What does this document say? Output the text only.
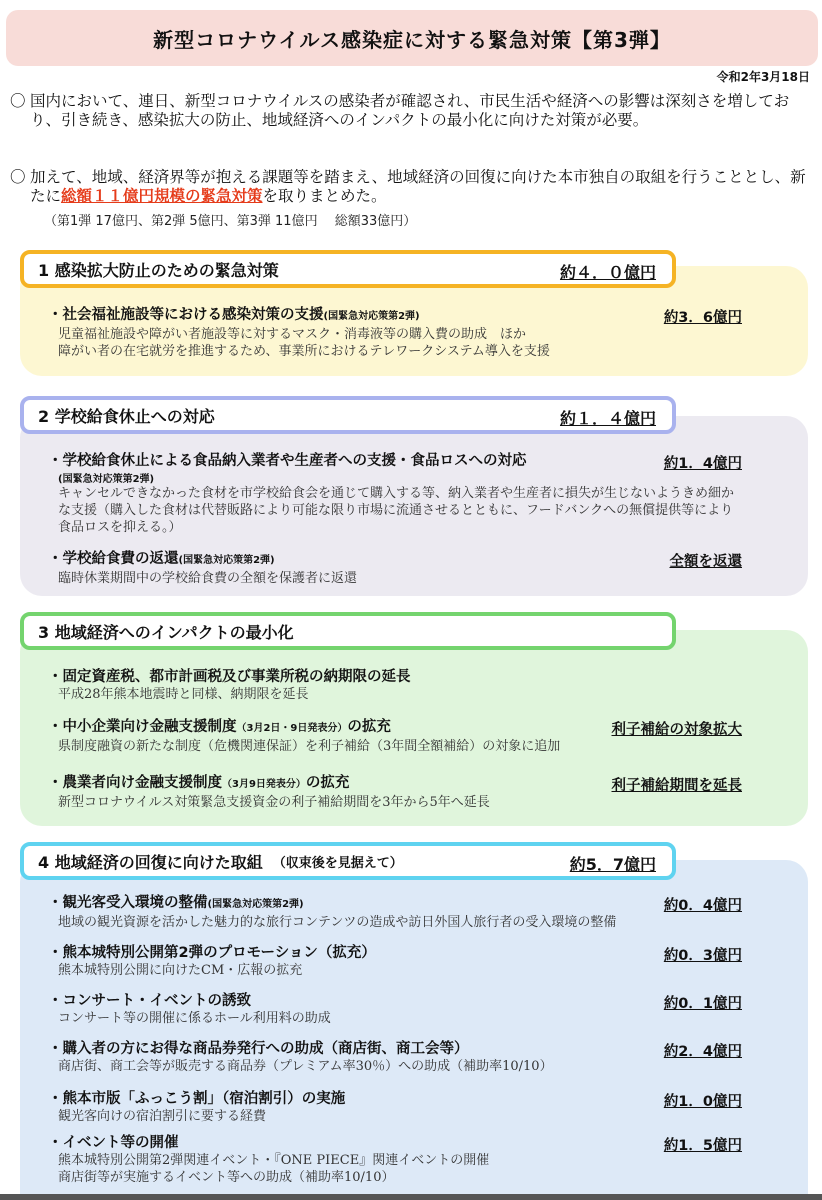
新型コロナウイルス感染症に対する緊急対策【第3弾】
令和2年3月18日
〇 国内において、連日、新型コロナウイルスの感染者が確認され、市民生活や経済への影響は深刻さを増しており、引き続き、感染拡大の防止、地域経済へのインパクトの最小化に向けた対策が必要。
〇 加えて、地域、経済界等が抱える課題等を踏まえ、地域経済の回復に向けた本市独自の取組を行うこととし、新たに総額１１億円規模の緊急対策を取りまとめた。
（第1弾 17億円、第2弾 5億円、第3弾 11億円　 総額33億円）
1 感染拡大防止のための緊急対策	約４．０億円
・社会福祉施設等における感染対策の支援(国緊急対応策第2弾)	約3．6億円
児童福祉施設や障がい者施設等に対するマスク・消毒液等の購入費の助成　ほか
障がい者の在宅就労を推進するため、事業所におけるテレワークシステム導入を支援
2 学校給食休止への対応	約１．４億円
・学校給食休止による食品納入業者や生産者への支援・食品ロスへの対応	約1．4億円
(国緊急対応策第2弾)
キャンセルできなかった食材を市学校給食会を通じて購入する等、納入業者や生産者に損失が生じないようきめ細かな支援（購入した食材は代替販路により可能な限り市場に流通させるとともに、フードバンクへの無償提供等により食品ロスを抑える。）
・学校給食費の返還(国緊急対応策第2弾)	全額を返還
臨時休業期間中の学校給食費の全額を保護者に返還
3 地域経済へのインパクトの最小化
・固定資産税、都市計画税及び事業所税の納期限の延長
平成28年熊本地震時と同様、納期限を延長
・中小企業向け金融支援制度（3月2日・9日発表分）の拡充	利子補給の対象拡大
県制度融資の新たな制度（危機関連保証）を利子補給（3年間全額補給）の対象に追加
・農業者向け金融支援制度（3月9日発表分）の拡充	利子補給期間を延長
新型コロナウイルス対策緊急支援資金の利子補給期間を3年から5年へ延長
4 地域経済の回復に向けた取組 （収束後を見据えて）	約5．7億円
・観光客受入環境の整備(国緊急対応策第2弾)	約0．4億円
地域の観光資源を活かした魅力的な旅行コンテンツの造成や訪日外国人旅行者の受入環境の整備
・熊本城特別公開第2弾のプロモーション（拡充）	約0．3億円
熊本城特別公開に向けたCM・広報の拡充
・コンサート・イベントの誘致	約0．1億円
コンサート等の開催に係るホール利用料の助成
・購入者の方にお得な商品券発行への助成（商店街、商工会等）	約2．4億円
商店街、商工会等が販売する商品券（プレミアム率30％）への助成（補助率10/10）
・熊本市版「ふっこう割」（宿泊割引）の実施	約1．0億円
観光客向けの宿泊割引に要する経費
・イベント等の開催	約1．5億円
熊本城特別公開第2弾関連イベント・『ONE PIECE』関連イベントの開催
商店街等が実施するイベント等への助成（補助率10/10）
